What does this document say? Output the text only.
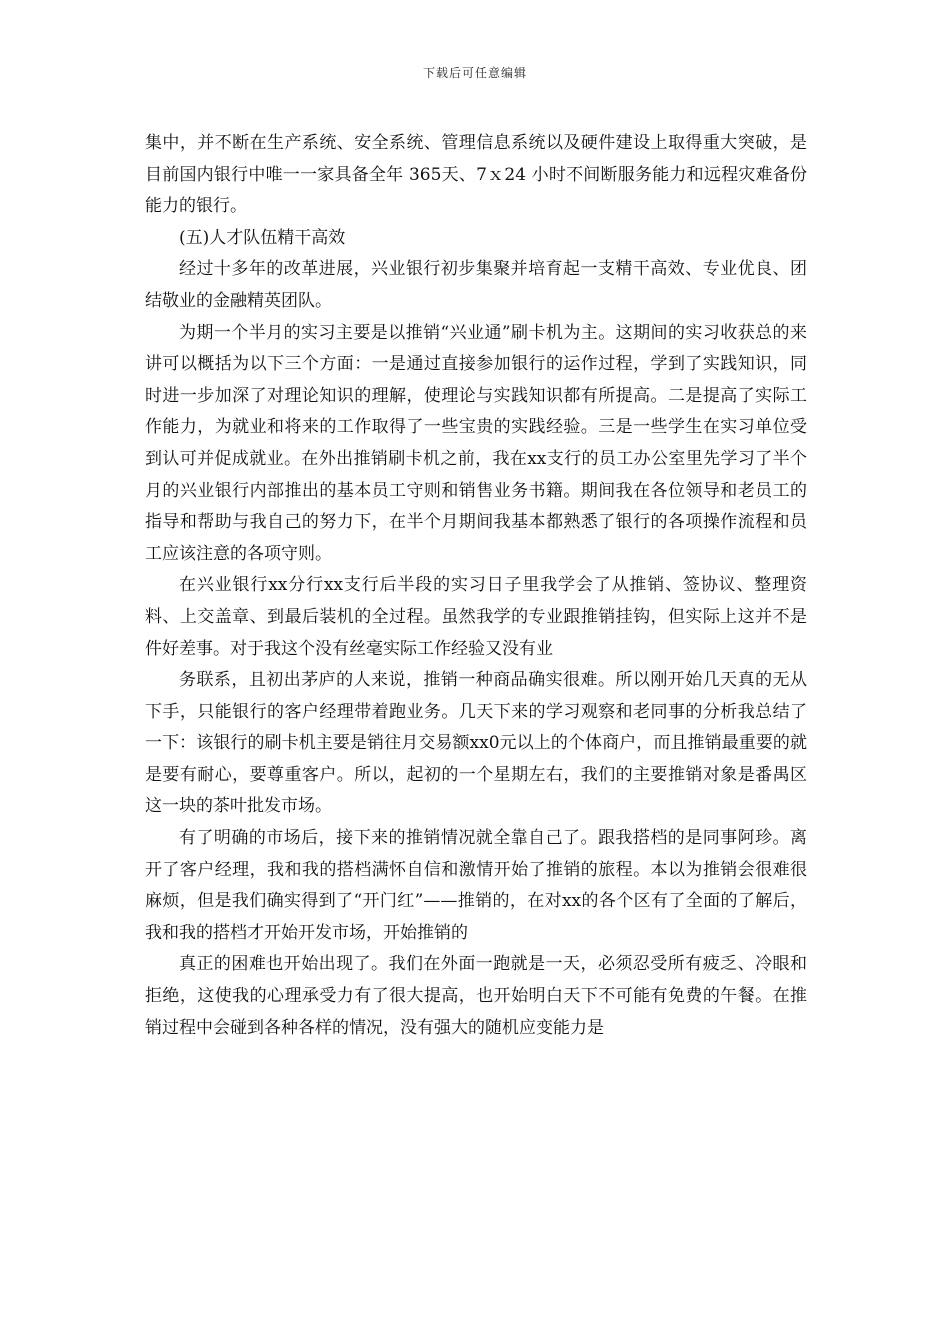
下载后可任意编辑

集中，并不断在生产系统、安全系统、管理信息系统以及硬件建设上取得重大突破，是目前国内银行中唯一一家具备全年 365天、7ｘ24 小时不间断服务能力和远程灾难备份能力的银行。

(五)人才队伍精干高效

经过十多年的改革进展，兴业银行初步集聚并培育起一支精干高效、专业优良、团结敬业的金融精英团队。

为期一个半月的实习主要是以推销“兴业通”刷卡机为主。这期间的实习收获总的来讲可以概括为以下三个方面：一是通过直接参加银行的运作过程，学到了实践知识，同时进一步加深了对理论知识的理解，使理论与实践知识都有所提高。二是提高了实际工作能力，为就业和将来的工作取得了一些宝贵的实践经验。三是一些学生在实习单位受到认可并促成就业。在外出推销刷卡机之前，我在xx支行的员工办公室里先学习了半个月的兴业银行内部推出的基本员工守则和销售业务书籍。期间我在各位领导和老员工的指导和帮助与我自己的努力下，在半个月期间我基本都熟悉了银行的各项操作流程和员工应该注意的各项守则。

在兴业银行xx分行xx支行后半段的实习日子里我学会了从推销、签协议、整理资料、上交盖章、到最后装机的全过程。虽然我学的专业跟推销挂钩，但实际上这并不是件好差事。对于我这个没有丝毫实际工作经验又没有业

务联系，且初出茅庐的人来说，推销一种商品确实很难。所以刚开始几天真的无从下手，只能银行的客户经理带着跑业务。几天下来的学习观察和老同事的分析我总结了一下：该银行的刷卡机主要是销往月交易额xx0元以上的个体商户，而且推销最重要的就是要有耐心，要尊重客户。所以，起初的一个星期左右，我们的主要推销对象是番禺区这一块的茶叶批发市场。

有了明确的市场后，接下来的推销情况就全靠自己了。跟我搭档的是同事阿珍。离开了客户经理，我和我的搭档满怀自信和激情开始了推销的旅程。本以为推销会很难很麻烦，但是我们确实得到了“开门红”——推销的，在对xx的各个区有了全面的了解后，我和我的搭档才开始开发市场，开始推销的

真正的困难也开始出现了。我们在外面一跑就是一天，必须忍受所有疲乏、冷眼和拒绝，这使我的心理承受力有了很大提高，也开始明白天下不可能有免费的午餐。在推销过程中会碰到各种各样的情况，没有强大的随机应变能力是
